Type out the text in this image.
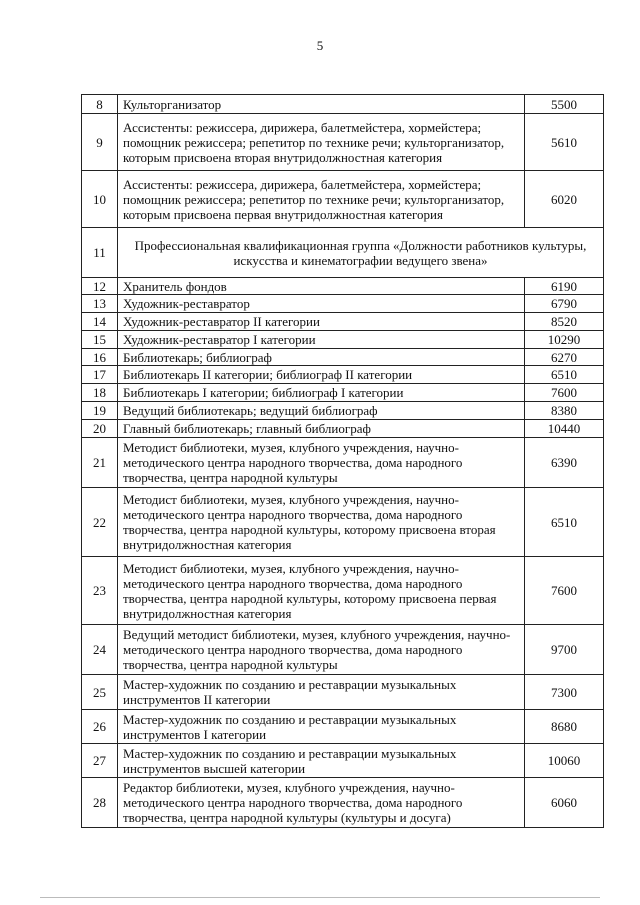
5
8	Культорганизатор	5500
9	Ассистенты: режиссера, дирижера, балетмейстера, хормейстера; помощник режиссера; репетитор по технике речи; культорганизатор, которым присвоена вторая внутридолжностная категория	5610
10	Ассистенты: режиссера, дирижера, балетмейстера, хормейстера; помощник режиссера; репетитор по технике речи; культорганизатор, которым присвоена первая внутридолжностная категория	6020
11	Профессиональная квалификационная группа «Должности работников культуры, искусства и кинематографии ведущего звена»	
12	Хранитель фондов	6190
13	Художник-реставратор	6790
14	Художник-реставратор II категории	8520
15	Художник-реставратор I категории	10290
16	Библиотекарь; библиограф	6270
17	Библиотекарь II категории; библиограф II категории	6510
18	Библиотекарь I категории; библиограф I категории	7600
19	Ведущий библиотекарь; ведущий библиограф	8380
20	Главный библиотекарь; главный библиограф	10440
21	Методист библиотеки, музея, клубного учреждения, научно-методического центра народного творчества, дома народного творчества, центра народной культуры	6390
22	Методист библиотеки, музея, клубного учреждения, научно-методического центра народного творчества, дома народного творчества, центра народной культуры, которому присвоена вторая внутридолжностная категория	6510
23	Методист библиотеки, музея, клубного учреждения, научно-методического центра народного творчества, дома народного творчества, центра народной культуры, которому присвоена первая внутридолжностная категория	7600
24	Ведущий методист библиотеки, музея, клубного учреждения, научно- методического центра народного творчества, дома народного творчества, центра народной культуры	9700
25	Мастер-художник по созданию и реставрации музыкальных инструментов II категории	7300
26	Мастер-художник по созданию и реставрации музыкальных инструментов I категории	8680
27	Мастер-художник по созданию и реставрации музыкальных инструментов высшей категории	10060
28	Редактор библиотеки, музея, клубного учреждения, научно-методического центра народного творчества, дома народного творчества, центра народной культуры (культуры и досуга)	6060
